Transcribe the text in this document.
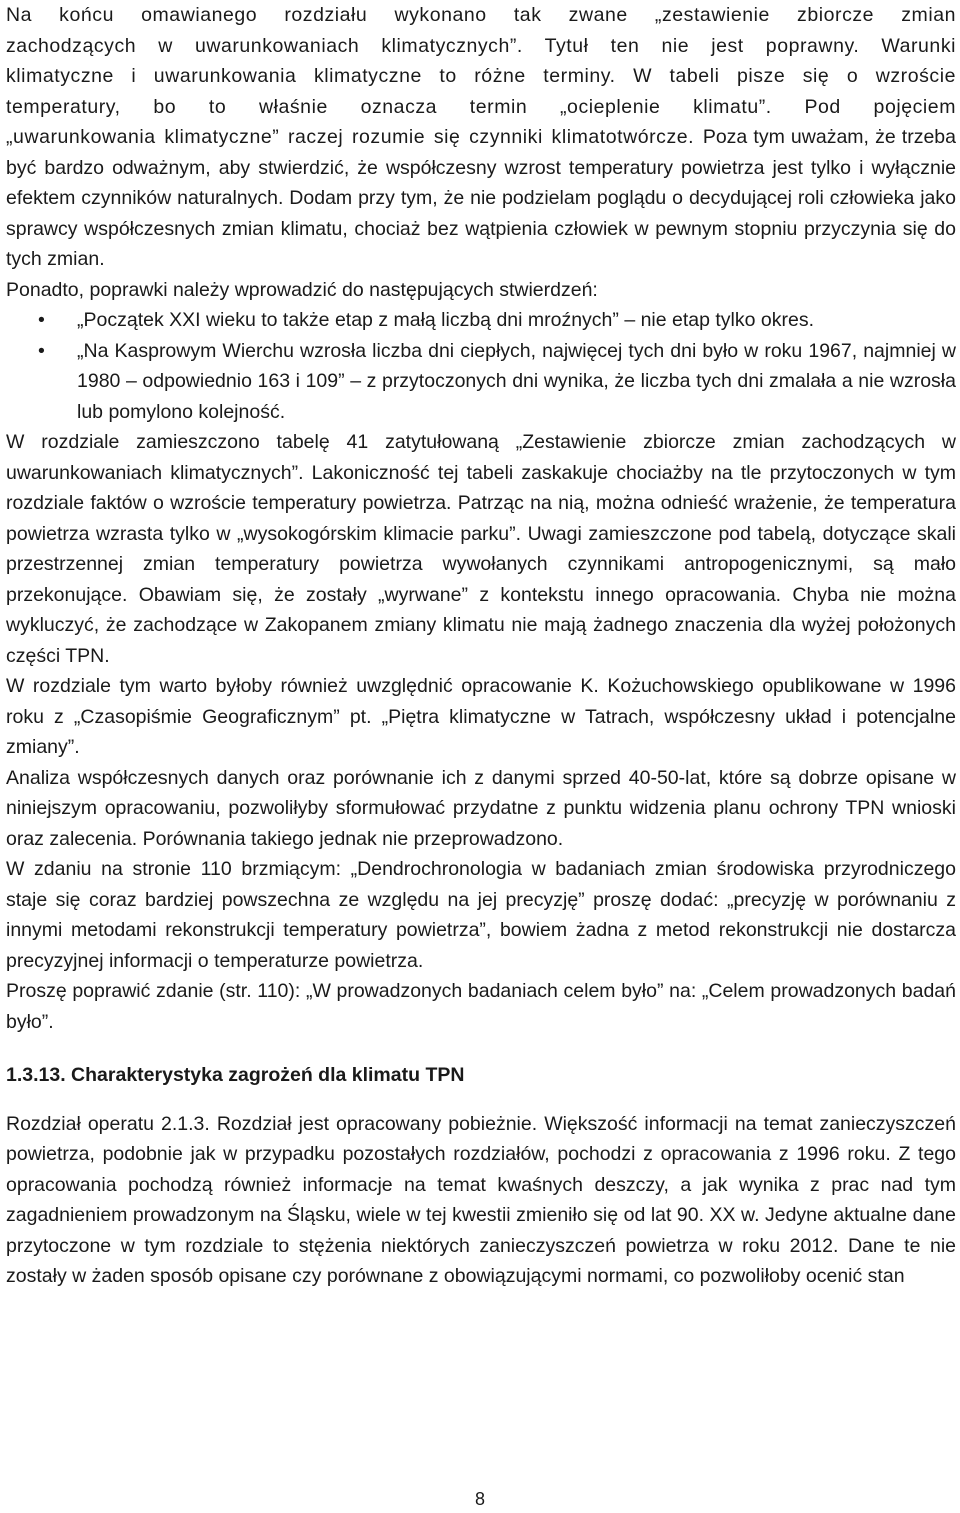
Na końcu omawianego rozdziału wykonano tak zwane „zestawienie zbiorcze zmian
zachodzących w uwarunkowaniach klimatycznych”. Tytuł ten nie jest poprawny. Warunki
klimatyczne i uwarunkowania klimatyczne to różne terminy. W tabeli pisze się o wzroście
temperatury, bo to właśnie oznacza termin „ocieplenie klimatu”. Pod pojęciem
„uwarunkowania klimatyczne” raczej rozumie się czynniki klimatotwórcze. Poza tym uważam, że trzeba być bardzo odważnym, aby stwierdzić, że współczesny wzrost temperatury powietrza jest tylko i wyłącznie efektem czynników naturalnych. Dodam przy tym, że nie podzielam poglądu o decydującej roli człowieka jako sprawcy współczesnych zmian klimatu, chociaż bez wątpienia człowiek w pewnym stopniu przyczynia się do tych zmian.

Ponadto, poprawki należy wprowadzić do następujących stwierdzeń:

• „Początek XXI wieku to także etap z małą liczbą dni mroźnych” – nie etap tylko okres.
• „Na Kasprowym Wierchu wzrosła liczba dni ciepłych, najwięcej tych dni było w roku 1967, najmniej w 1980 – odpowiednio 163 i 109” – z przytoczonych dni wynika, że liczba tych dni zmalała a nie wzrosła lub pomylono kolejność.

W rozdziale zamieszczono tabelę 41 zatytułowaną „Zestawienie zbiorcze zmian zachodzących w uwarunkowaniach klimatycznych”. Lakoniczność tej tabeli zaskakuje chociażby na tle przytoczonych w tym rozdziale faktów o wzroście temperatury powietrza. Patrząc na nią, można odnieść wrażenie, że temperatura powietrza wzrasta tylko w „wysokogórskim klimacie parku”. Uwagi zamieszczone pod tabelą, dotyczące skali przestrzennej zmian temperatury powietrza wywołanych czynnikami antropogenicznymi, są mało przekonujące. Obawiam się, że zostały „wyrwane” z kontekstu innego opracowania. Chyba nie można wykluczyć, że zachodzące w Zakopanem zmiany klimatu nie mają żadnego znaczenia dla wyżej położonych części TPN.

W rozdziale tym warto byłoby również uwzględnić opracowanie K. Kożuchowskiego opublikowane w 1996 roku z „Czasopiśmie Geograficznym” pt. „Piętra klimatyczne w Tatrach, współczesny układ i potencjalne zmiany”.

Analiza współczesnych danych oraz porównanie ich z danymi sprzed 40-50-lat, które są dobrze opisane w niniejszym opracowaniu, pozwoliłyby sformułować przydatne z punktu widzenia planu ochrony TPN wnioski oraz zalecenia. Porównania takiego jednak nie przeprowadzono.

W zdaniu na stronie 110 brzmiącym: „Dendrochronologia w badaniach zmian środowiska przyrodniczego staje się coraz bardziej powszechna ze względu na jej precyzję” proszę dodać: „precyzję w porównaniu z innymi metodami rekonstrukcji temperatury powietrza”, bowiem żadna z metod rekonstrukcji nie dostarcza precyzyjnej informacji o temperaturze powietrza.

Proszę poprawić zdanie (str. 110): „W prowadzonych badaniach celem było” na: „Celem prowadzonych badań było”.

1.3.13. Charakterystyka zagrożeń dla klimatu TPN

Rozdział operatu 2.1.3. Rozdział jest opracowany pobieżnie. Większość informacji na temat zanieczyszczeń powietrza, podobnie jak w przypadku pozostałych rozdziałów, pochodzi z opracowania z 1996 roku. Z tego opracowania pochodzą również informacje na temat kwaśnych deszczy, a jak wynika z prac nad tym zagadnieniem prowadzonym na Śląsku, wiele w tej kwestii zmieniło się od lat 90. XX w. Jedyne aktualne dane przytoczone w tym rozdziale to stężenia niektórych zanieczyszczeń powietrza w roku 2012. Dane te nie zostały w żaden sposób opisane czy porównane z obowiązującymi normami, co pozwoliłoby ocenić stan

8
